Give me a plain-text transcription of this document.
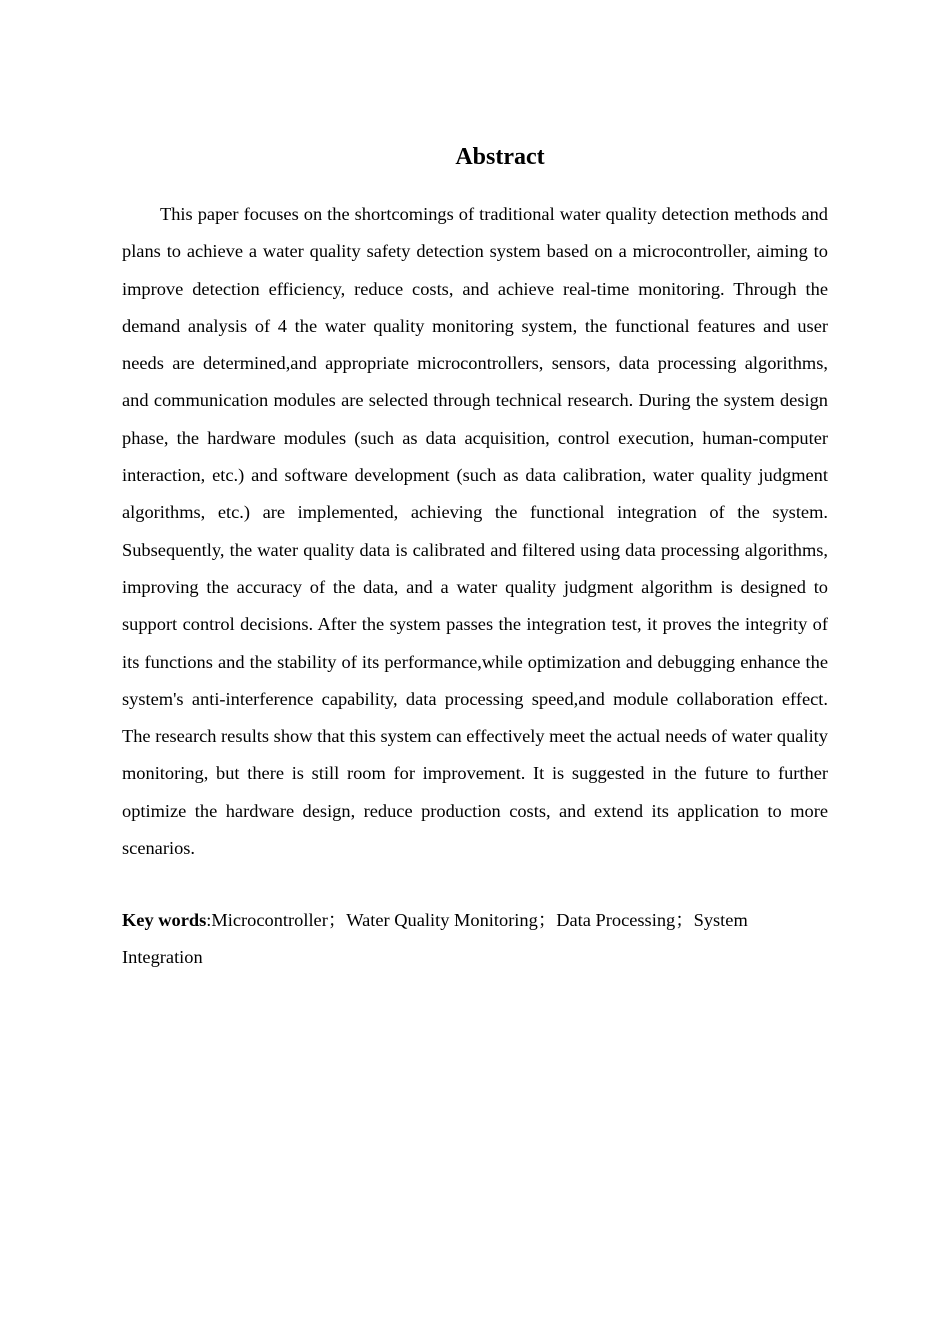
Abstract

This paper focuses on the shortcomings of traditional water quality detection methods and plans to achieve a water quality safety detection system based on a microcontroller, aiming to improve detection efficiency, reduce costs, and achieve real-time monitoring. Through the demand analysis of 4 the water quality monitoring system, the functional features and user needs are determined,and appropriate microcontrollers, sensors, data processing algorithms, and communication modules are selected through technical research. During the system design phase, the hardware modules (such as data acquisition, control execution, human-computer interaction, etc.) and software development (such as data calibration, water quality judgment algorithms, etc.) are implemented, achieving the functional integration of the system. Subsequently, the water quality data is calibrated and filtered using data processing algorithms, improving the accuracy of the data, and a water quality judgment algorithm is designed to support control decisions. After the system passes the integration test, it proves the integrity of its functions and the stability of its performance,while optimization and debugging enhance the system's anti-interference capability, data processing speed,and module collaboration effect. The research results show that this system can effectively meet the actual needs of water quality monitoring, but there is still room for improvement. It is suggested in the future to further optimize the hardware design, reduce production costs, and extend its application to more scenarios.

Key words:Microcontroller；Water Quality Monitoring；Data Processing；System Integration
